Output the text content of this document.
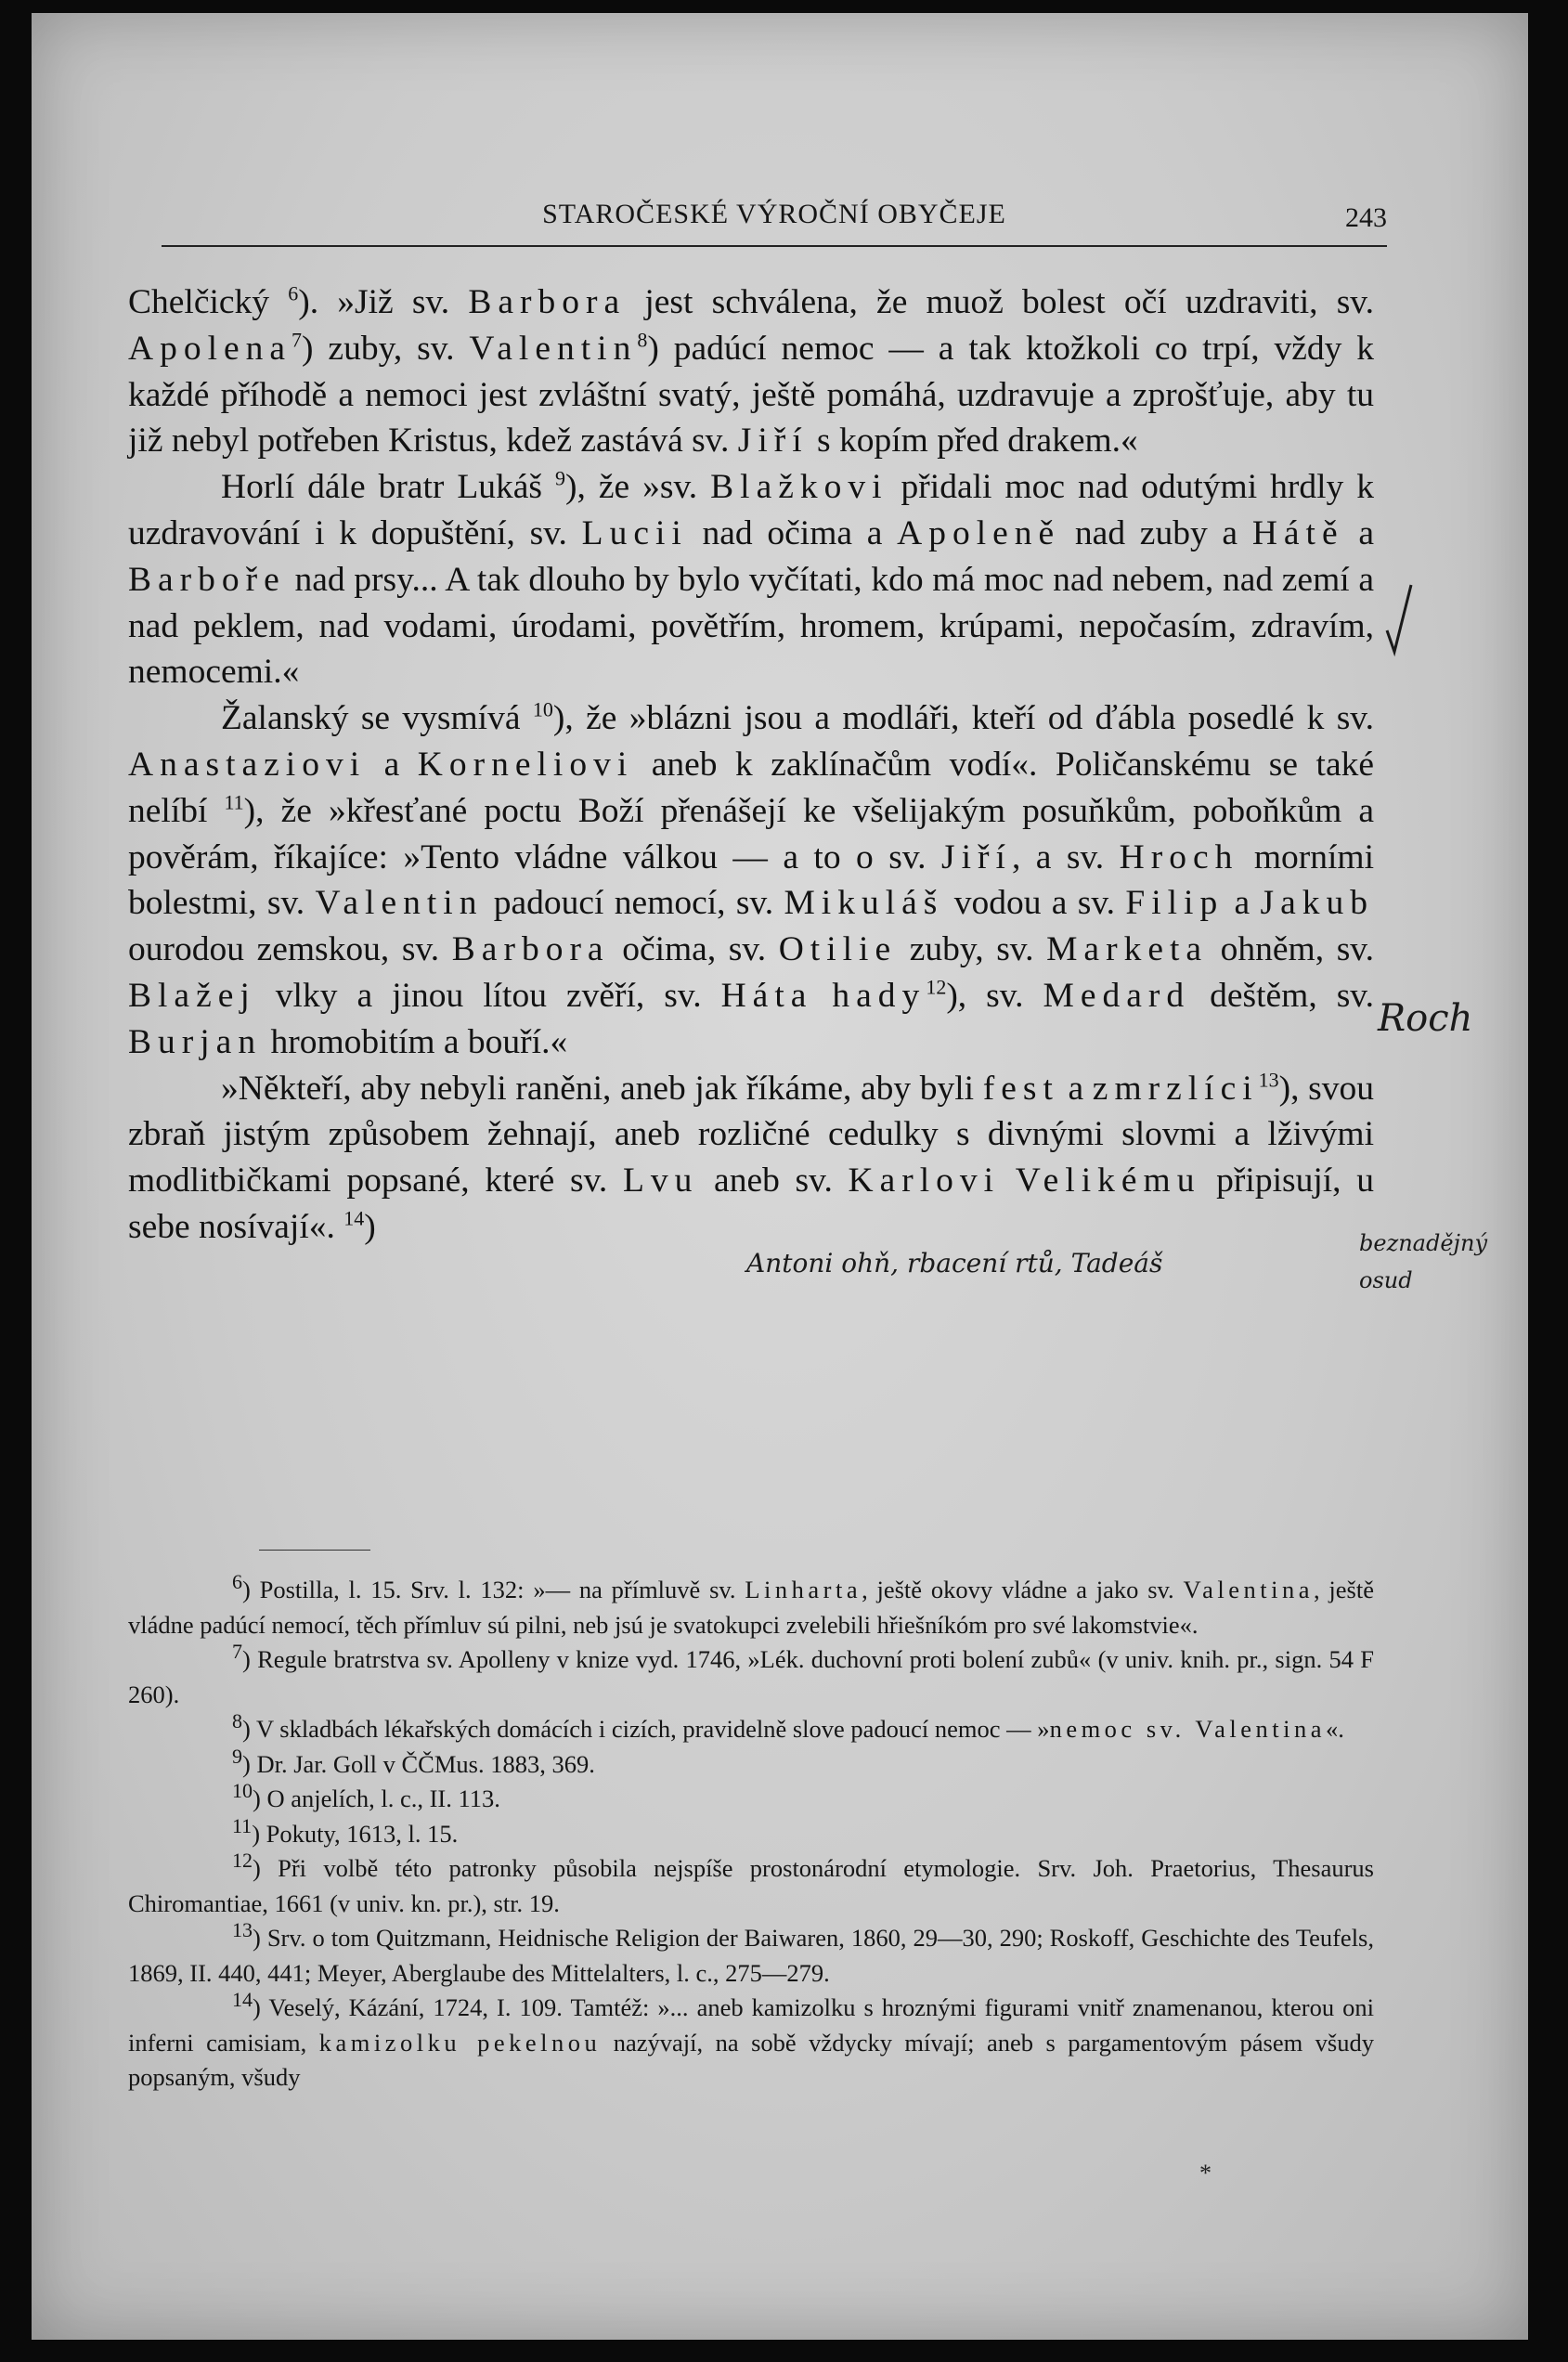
STAROČESKÉ VÝROČNÍ OBYČEJE	243

Chelčický $^6$). »Již sv. Barbora jest schválena, že muož bolest očí uzdraviti, sv. Apolena$^7$) zuby, sv. Valentin$^8$) padúcí nemoc — a tak ktožkoli co trpí, vždy k každé příhodě a nemoci jest zvláštní svatý, ještě pomáhá, uzdravuje a zprošťuje, aby tu již nebyl potřeben Kristus, kdež zastává sv. Jiří s kopím před drakem.«

Horlí dále bratr Lukáš $^9$), že »sv. Blažkovi přidali moc nad odutými hrdly k uzdravování i k dopuštění, sv. Lucii nad očima a Apoleně nad zuby a Hátě a Barboře nad prsy... A tak dlouho by bylo vyčítati, kdo má moc nad nebem, nad zemí a nad peklem, nad vodami, úrodami, povětřím, hromem, krúpami, nepočasím, zdravím, nemocemi.«

Žalanský se vysmívá $^{10}$), že »blázni jsou a modláři, kteří od ďábla posedlé k sv. Anastaziovi a Korneliovi aneb k zaklínačům vodí«. Poličanskému se také nelíbí $^{11}$), že »křesťané poctu Boží přenášejí ke všelijakým posuňkům, poboňkům a pověrám, říkajíce: »Tento vládne válkou — a to o sv. Jiří, a sv. Hroch morními bolestmi, sv. Valentin padoucí nemocí, sv. Mikuláš vodou a sv. Filip a Jakub ourodou zemskou, sv. Barbora očima, sv. Otilie zuby, sv. Marketa ohněm, sv. Blažej vlky a jinou lítou zvěří, sv. Háta hady$^{12}$), sv. Medard deštěm, sv. Burjan hromobitím a bouří.«

»Někteří, aby nebyli raněni, aneb jak říkáme, aby byli fest a zmrzlíci$^{13}$), svou zbraň jistým způsobem žehnají, aneb rozličné cedulky s divnými slovmi a lživými modlitbičkami popsané, které sv. Lvu aneb sv. Karlovi Velikému připisují, u sebe nosívají«. $^{14}$)

$^6$) Postilla, l. 15. Srv. l. 132: »— na přímluvě sv. Linharta, ještě okovy vládne a jako sv. Valentina, ještě vládne padúcí nemocí, těch přímluv sú pilni, neb jsú je svatokupci zvelebili hřiešníkóm pro své lakomstvie«.

$^7$) Regule bratrstva sv. Apolleny v knize vyd. 1746, »Lék. duchovní proti bolení zubů« (v univ. knih. pr., sign. 54 F 260).

$^8$) V skladbách lékařských domácích i cizích, pravidelně slove padoucí nemoc — »nemoc sv. Valentina«.

$^9$) Dr. Jar. Goll v ČČMus. 1883, 369.

$^{10}$) O anjelích, l. c., II. 113.

$^{11}$) Pokuty, 1613, l. 15.

$^{12}$) Při volbě této patronky působila nejspíše prostonárodní etymologie. Srv. Joh. Praetorius, Thesaurus Chiromantiae, 1661 (v univ. kn. pr.), str. 19.

$^{13}$) Srv. o tom Quitzmann, Heidnische Religion der Baiwaren, 1860, 29—30, 290; Roskoff, Geschichte des Teufels, 1869, II. 440, 441; Meyer, Aberglaube des Mittelalters, l. c., 275—279.

$^{14}$) Veselý, Kázání, 1724, I. 109. Tamtéž: »... aneb kamizolku s hroznými figurami vnitř znamenanou, kterou oni inferni camisiam, kamizolku pekelnou nazývají, na sobě vždycky mívají; aneb s pargamentovým pásem všudy popsaným, všudy

Roch
Antoni ohň, rbacení rtů, Tadeáš
beznadějný osud
*
